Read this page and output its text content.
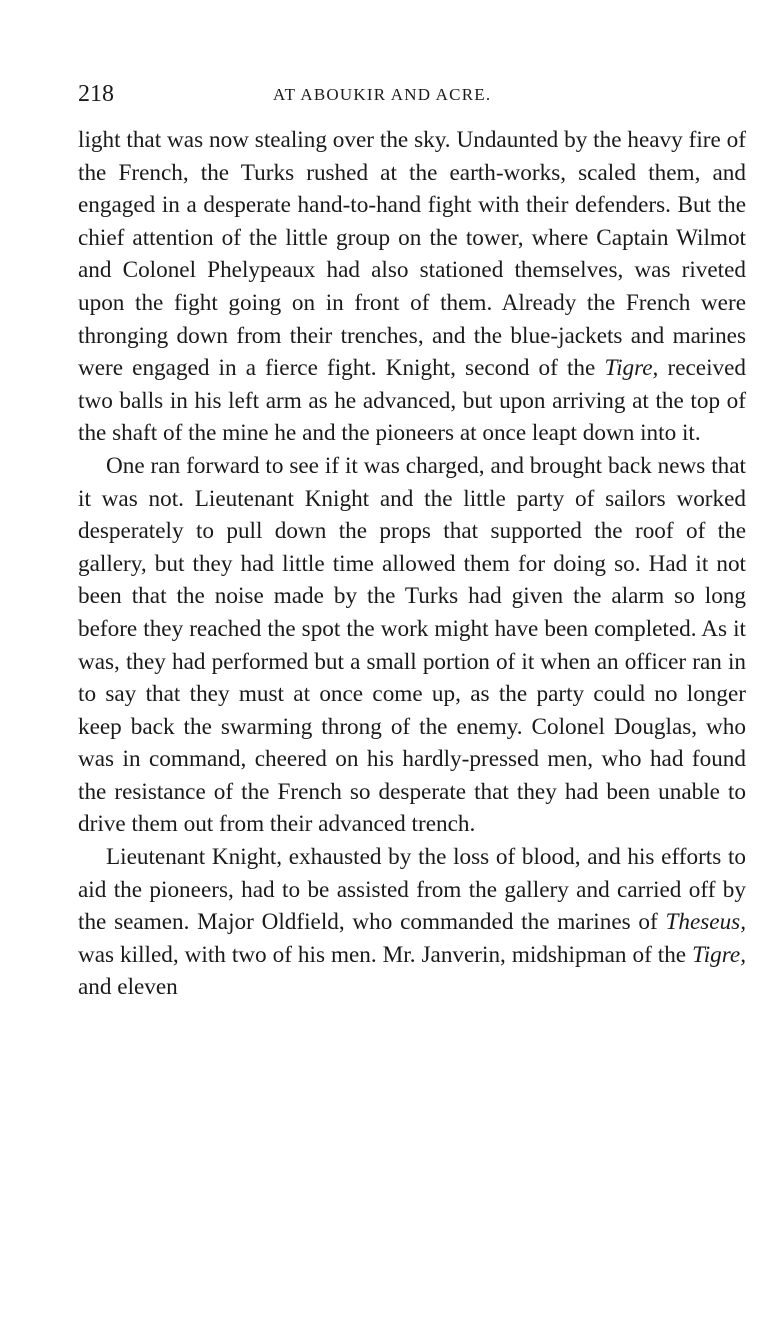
218	AT ABOUKIR AND ACRE.

light that was now stealing over the sky. Undaunted by the heavy fire of the French, the Turks rushed at the earth-works, scaled them, and engaged in a desperate hand-to-hand fight with their defenders. But the chief attention of the little group on the tower, where Captain Wilmot and Colonel Phelypeaux had also stationed themselves, was riveted upon the fight going on in front of them. Already the French were thronging down from their trenches, and the blue-jackets and marines were engaged in a fierce fight. Knight, second of the Tigre, received two balls in his left arm as he advanced, but upon arriving at the top of the shaft of the mine he and the pioneers at once leapt down into it.

One ran forward to see if it was charged, and brought back news that it was not. Lieutenant Knight and the little party of sailors worked desperately to pull down the props that supported the roof of the gallery, but they had little time allowed them for doing so. Had it not been that the noise made by the Turks had given the alarm so long before they reached the spot the work might have been completed. As it was, they had performed but a small portion of it when an officer ran in to say that they must at once come up, as the party could no longer keep back the swarming throng of the enemy. Colonel Douglas, who was in command, cheered on his hardly-pressed men, who had found the resistance of the French so desperate that they had been unable to drive them out from their advanced trench.

Lieutenant Knight, exhausted by the loss of blood, and his efforts to aid the pioneers, had to be assisted from the gallery and carried off by the seamen. Major Oldfield, who commanded the marines of Theseus, was killed, with two of his men. Mr. Janverin, midshipman of the Tigre, and eleven
